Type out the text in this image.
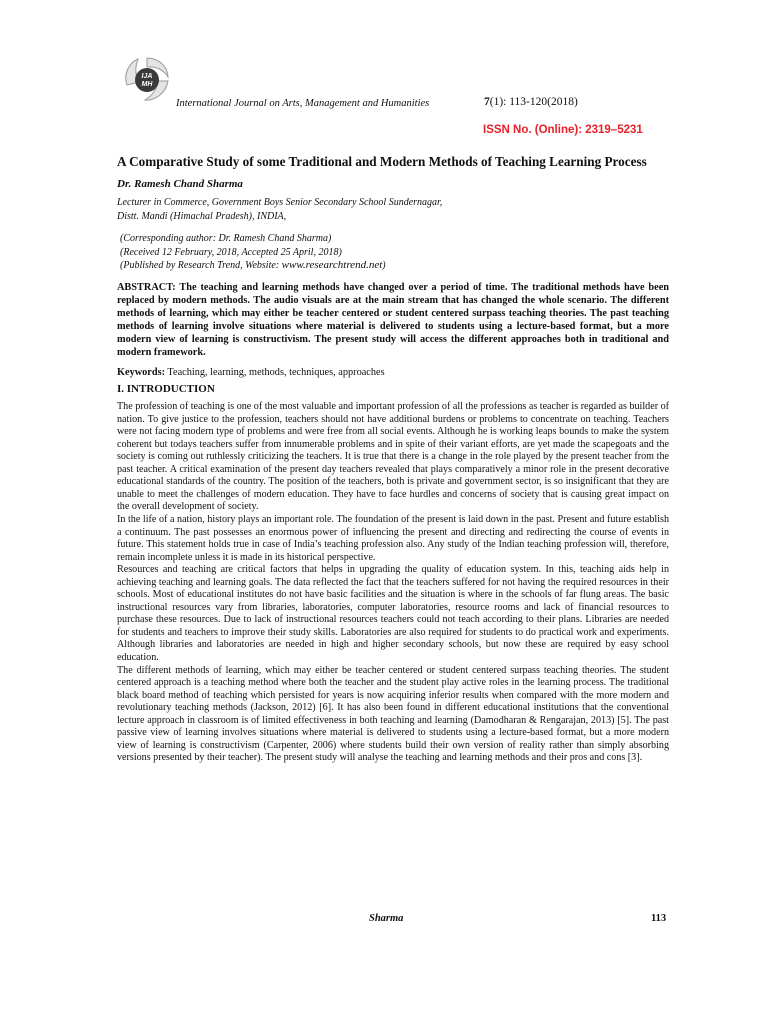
IJA
MH
International Journal on Arts, Management and Humanities	7(1): 113-120(2018)
ISSN No. (Online): 2319–5231
A Comparative Study of some Traditional and Modern Methods of Teaching Learning Process

Dr. Ramesh Chand Sharma

Lecturer in Commerce, Government Boys Senior Secondary School Sundernagar,
Distt. Mandi (Himachal Pradesh), INDIA,
(Corresponding author: Dr. Ramesh Chand Sharma)
(Received 12 February, 2018, Accepted 25 April, 2018)
(Published by Research Trend, Website: www.researchtrend.net)

ABSTRACT: The teaching and learning methods have changed over a period of time. The traditional methods have been replaced by modern methods. The audio visuals are at the main stream that has changed the whole scenario. The different methods of learning, which may either be teacher centered or student centered surpass teaching theories. The past teaching methods of learning involve situations where material is delivered to students using a lecture-based format, but a more modern view of learning is constructivism. The present study will access the different approaches both in traditional and modern framework.

Keywords: Teaching, learning, methods, techniques, approaches

I. INTRODUCTION

The profession of teaching is one of the most valuable and important profession of all the professions as teacher is regarded as builder of nation. To give justice to the profession, teachers should not have additional burdens or problems to concentrate on teaching. Teachers were not facing modern type of problems and were free from all social events. Although he is working leaps bounds to make the system coherent but todays teachers suffer from innumerable problems and in spite of their variant efforts, are yet made the scapegoats and the society is coming out ruthlessly criticizing the teachers. It is true that there is a change in the role played by the present teacher from the past teacher. A critical examination of the present day teachers revealed that plays comparatively a minor role in the present decorative educational standards of the country. The position of the teachers, both is private and government sector, is so insignificant that they are unable to meet the challenges of modern education. They have to face hurdles and concerns of society that is causing great impact on the overall development of society.

In the life of a nation, history plays an important role. The foundation of the present is laid down in the past. Present and future establish a continuum. The past possesses an enormous power of influencing the present and directing and redirecting the course of events in future. This statement holds true in case of India’s teaching profession also. Any study of the Indian teaching profession will, therefore, remain incomplete unless it is made in its historical perspective.

Resources and teaching are critical factors that helps in upgrading the quality of education system. In this, teaching aids help in achieving teaching and learning goals. The data reflected the fact that the teachers suffered for not having the required resources in their schools. Most of educational institutes do not have basic facilities and the situation is where in the schools of far flung areas. The basic instructional resources vary from libraries, laboratories, computer laboratories, resource rooms and lack of financial resources to purchase these resources. Due to lack of instructional resources teachers could not teach according to their plans. Libraries are needed for students and teachers to improve their study skills. Laboratories are also required for students to do practical work and experiments. Although libraries and laboratories are needed in high and higher secondary schools, but now these are required by easy school education.

The different methods of learning, which may either be teacher centered or student centered surpass teaching theories. The student centered approach is a teaching method where both the teacher and the student play active roles in the learning process. The traditional black board method of teaching which persisted for years is now acquiring inferior results when compared with the more modern and revolutionary teaching methods (Jackson, 2012) [6]. It has also been found in different educational institutions that the conventional lecture approach in classroom is of limited effectiveness in both teaching and learning (Damodharan & Rengarajan, 2013) [5]. The past passive view of learning involves situations where material is delivered to students using a lecture-based format, but a more modern view of learning is constructivism (Carpenter, 2006) where students build their own version of reality rather than simply absorbing versions presented by their teacher). The present study will analyse the teaching and learning methods and their pros and cons [3].

Sharma	113
